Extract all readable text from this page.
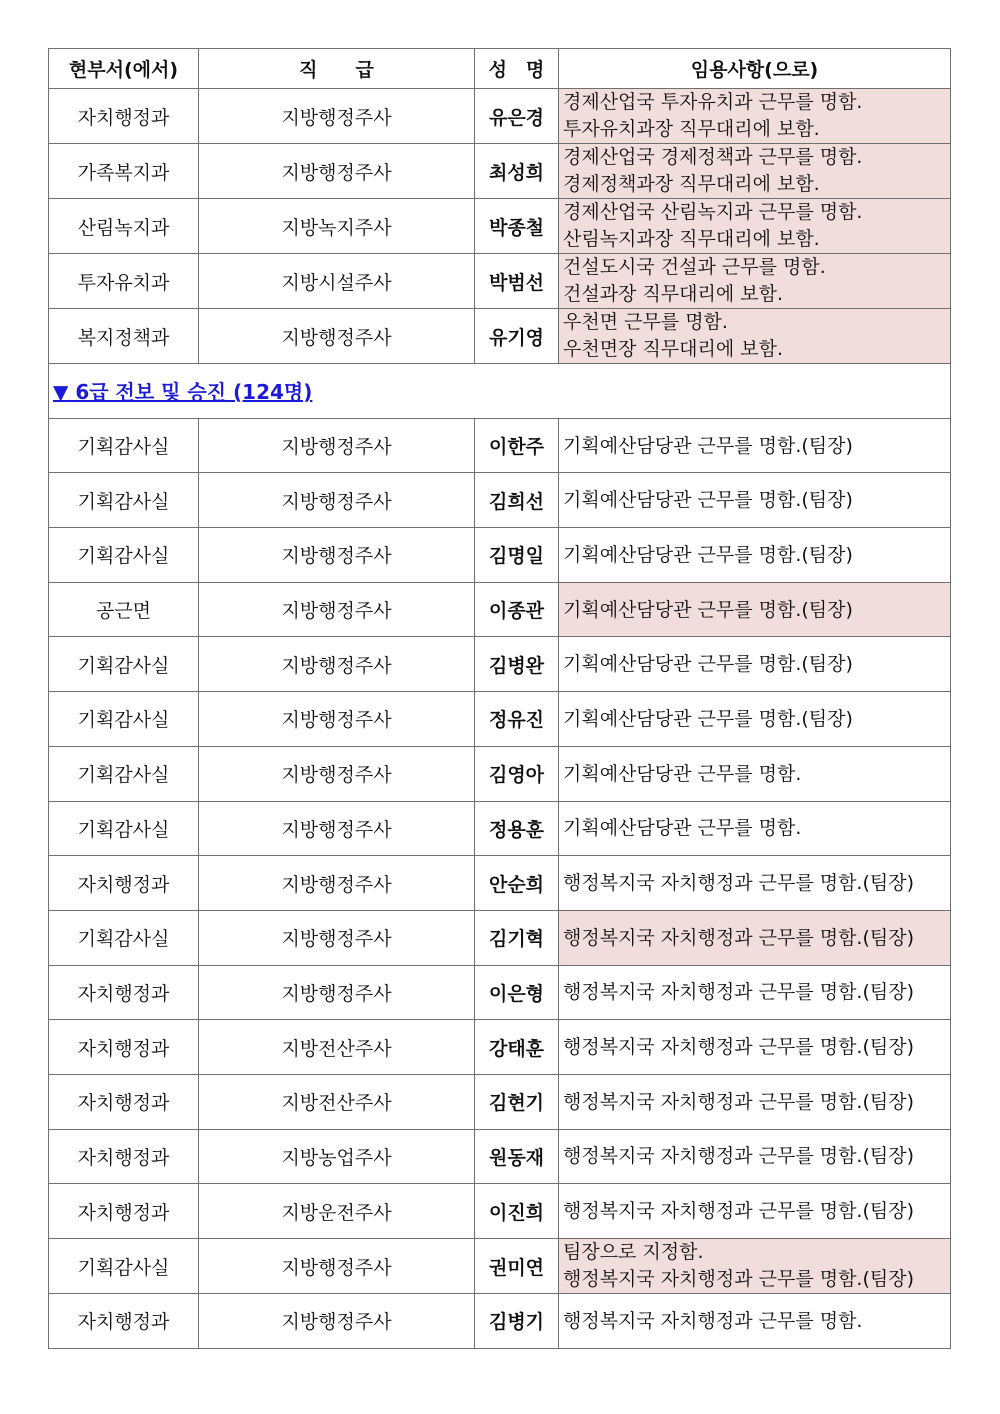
현부서(에서)	직　　급	성　명	임용사항(으로)
자치행정과	지방행정주사	유은경	경제산업국 투자유치과 근무를 명함.
투자유치과장 직무대리에 보함.

가족복지과	지방행정주사	최성희	경제산업국 경제정책과 근무를 명함.
경제정책과장 직무대리에 보함.

산림녹지과	지방녹지주사	박종철	경제산업국 산림녹지과 근무를 명함.
산림녹지과장 직무대리에 보함.

투자유치과	지방시설주사	박범선	건설도시국 건설과 근무를 명함.
건설과장 직무대리에 보함.

복지정책과	지방행정주사	유기영	우천면 근무를 명함.
우천면장 직무대리에 보함.

▼ 6급 전보 및 승진 (124명)			
기획감사실	지방행정주사	이한주	기획예산담당관 근무를 명함.(팀장)

기획감사실	지방행정주사	김희선	기획예산담당관 근무를 명함.(팀장)

기획감사실	지방행정주사	김명일	기획예산담당관 근무를 명함.(팀장)

공근면	지방행정주사	이종관	기획예산담당관 근무를 명함.(팀장)

기획감사실	지방행정주사	김병완	기획예산담당관 근무를 명함.(팀장)

기획감사실	지방행정주사	정유진	기획예산담당관 근무를 명함.(팀장)

기획감사실	지방행정주사	김영아	기획예산담당관 근무를 명함.

기획감사실	지방행정주사	정용훈	기획예산담당관 근무를 명함.

자치행정과	지방행정주사	안순희	행정복지국 자치행정과 근무를 명함.(팀장)

기획감사실	지방행정주사	김기혁	행정복지국 자치행정과 근무를 명함.(팀장)

자치행정과	지방행정주사	이은형	행정복지국 자치행정과 근무를 명함.(팀장)

자치행정과	지방전산주사	강태훈	행정복지국 자치행정과 근무를 명함.(팀장)

자치행정과	지방전산주사	김현기	행정복지국 자치행정과 근무를 명함.(팀장)

자치행정과	지방농업주사	원동재	행정복지국 자치행정과 근무를 명함.(팀장)

자치행정과	지방운전주사	이진희	행정복지국 자치행정과 근무를 명함.(팀장)

기획감사실	지방행정주사	권미연	팀장으로 지정함.
행정복지국 자치행정과 근무를 명함.(팀장)

자치행정과	지방행정주사	김병기	행정복지국 자치행정과 근무를 명함.
